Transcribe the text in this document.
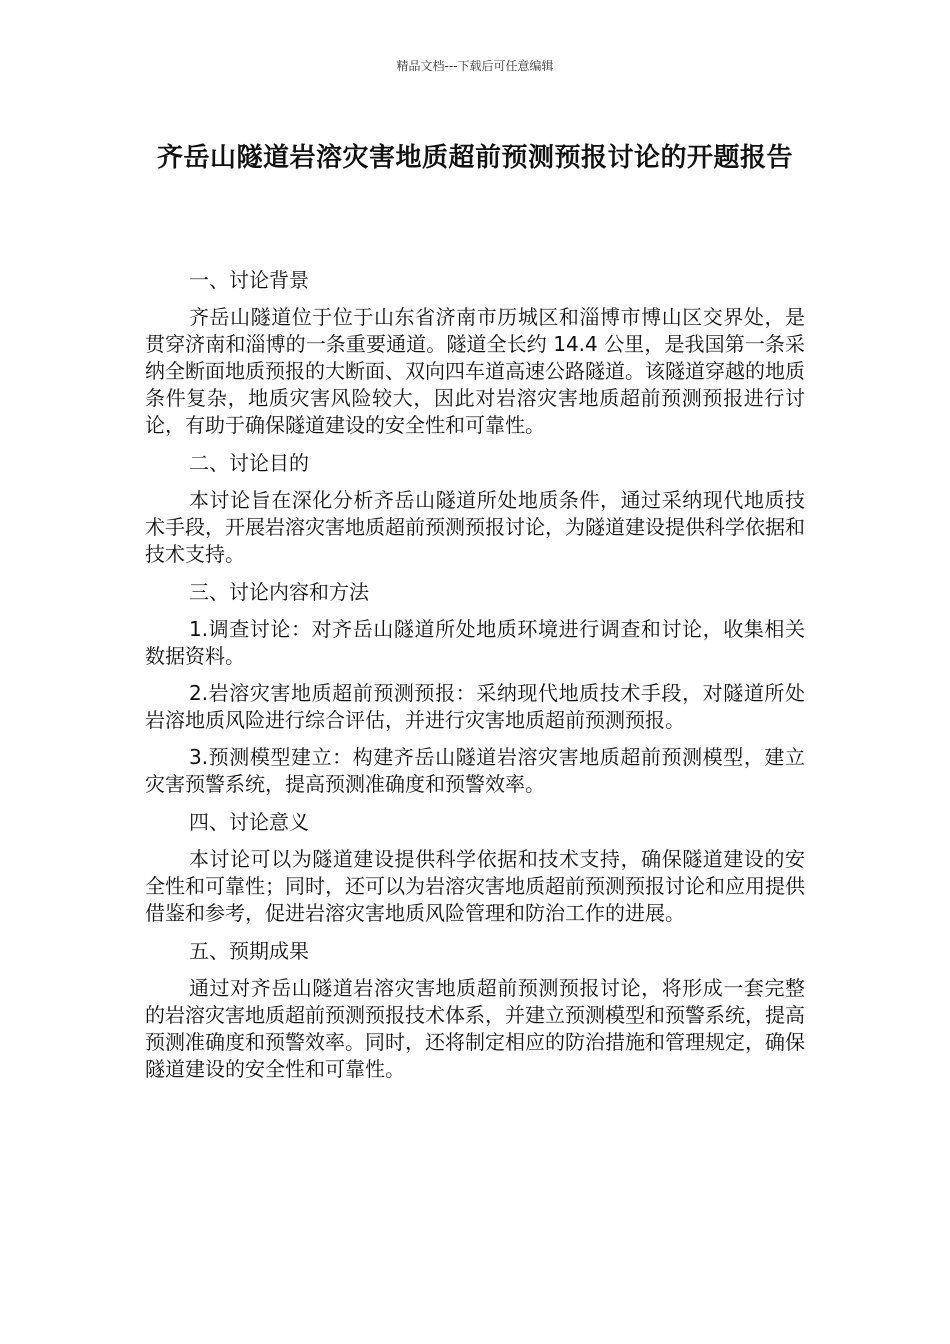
精品文档---下载后可任意编辑
齐岳山隧道岩溶灾害地质超前预测预报讨论的开题报告

一、讨论背景

齐岳山隧道位于位于山东省济南市历城区和淄博市博山区交界处，是贯穿济南和淄博的一条重要通道。隧道全长约 14.4 公里，是我国第一条采纳全断面地质预报的大断面、双向四车道高速公路隧道。该隧道穿越的地质条件复杂，地质灾害风险较大，因此对岩溶灾害地质超前预测预报进行讨论，有助于确保隧道建设的安全性和可靠性。

二、讨论目的

本讨论旨在深化分析齐岳山隧道所处地质条件，通过采纳现代地质技术手段，开展岩溶灾害地质超前预测预报讨论，为隧道建设提供科学依据和技术支持。

三、讨论内容和方法

1.调查讨论：对齐岳山隧道所处地质环境进行调查和讨论，收集相关数据资料。

2.岩溶灾害地质超前预测预报：采纳现代地质技术手段，对隧道所处岩溶地质风险进行综合评估，并进行灾害地质超前预测预报。

3.预测模型建立：构建齐岳山隧道岩溶灾害地质超前预测模型，建立灾害预警系统，提高预测准确度和预警效率。

四、讨论意义

本讨论可以为隧道建设提供科学依据和技术支持，确保隧道建设的安全性和可靠性；同时，还可以为岩溶灾害地质超前预测预报讨论和应用提供借鉴和参考，促进岩溶灾害地质风险管理和防治工作的进展。

五、预期成果

通过对齐岳山隧道岩溶灾害地质超前预测预报讨论，将形成一套完整的岩溶灾害地质超前预测预报技术体系，并建立预测模型和预警系统，提高预测准确度和预警效率。同时，还将制定相应的防治措施和管理规定，确保隧道建设的安全性和可靠性。
